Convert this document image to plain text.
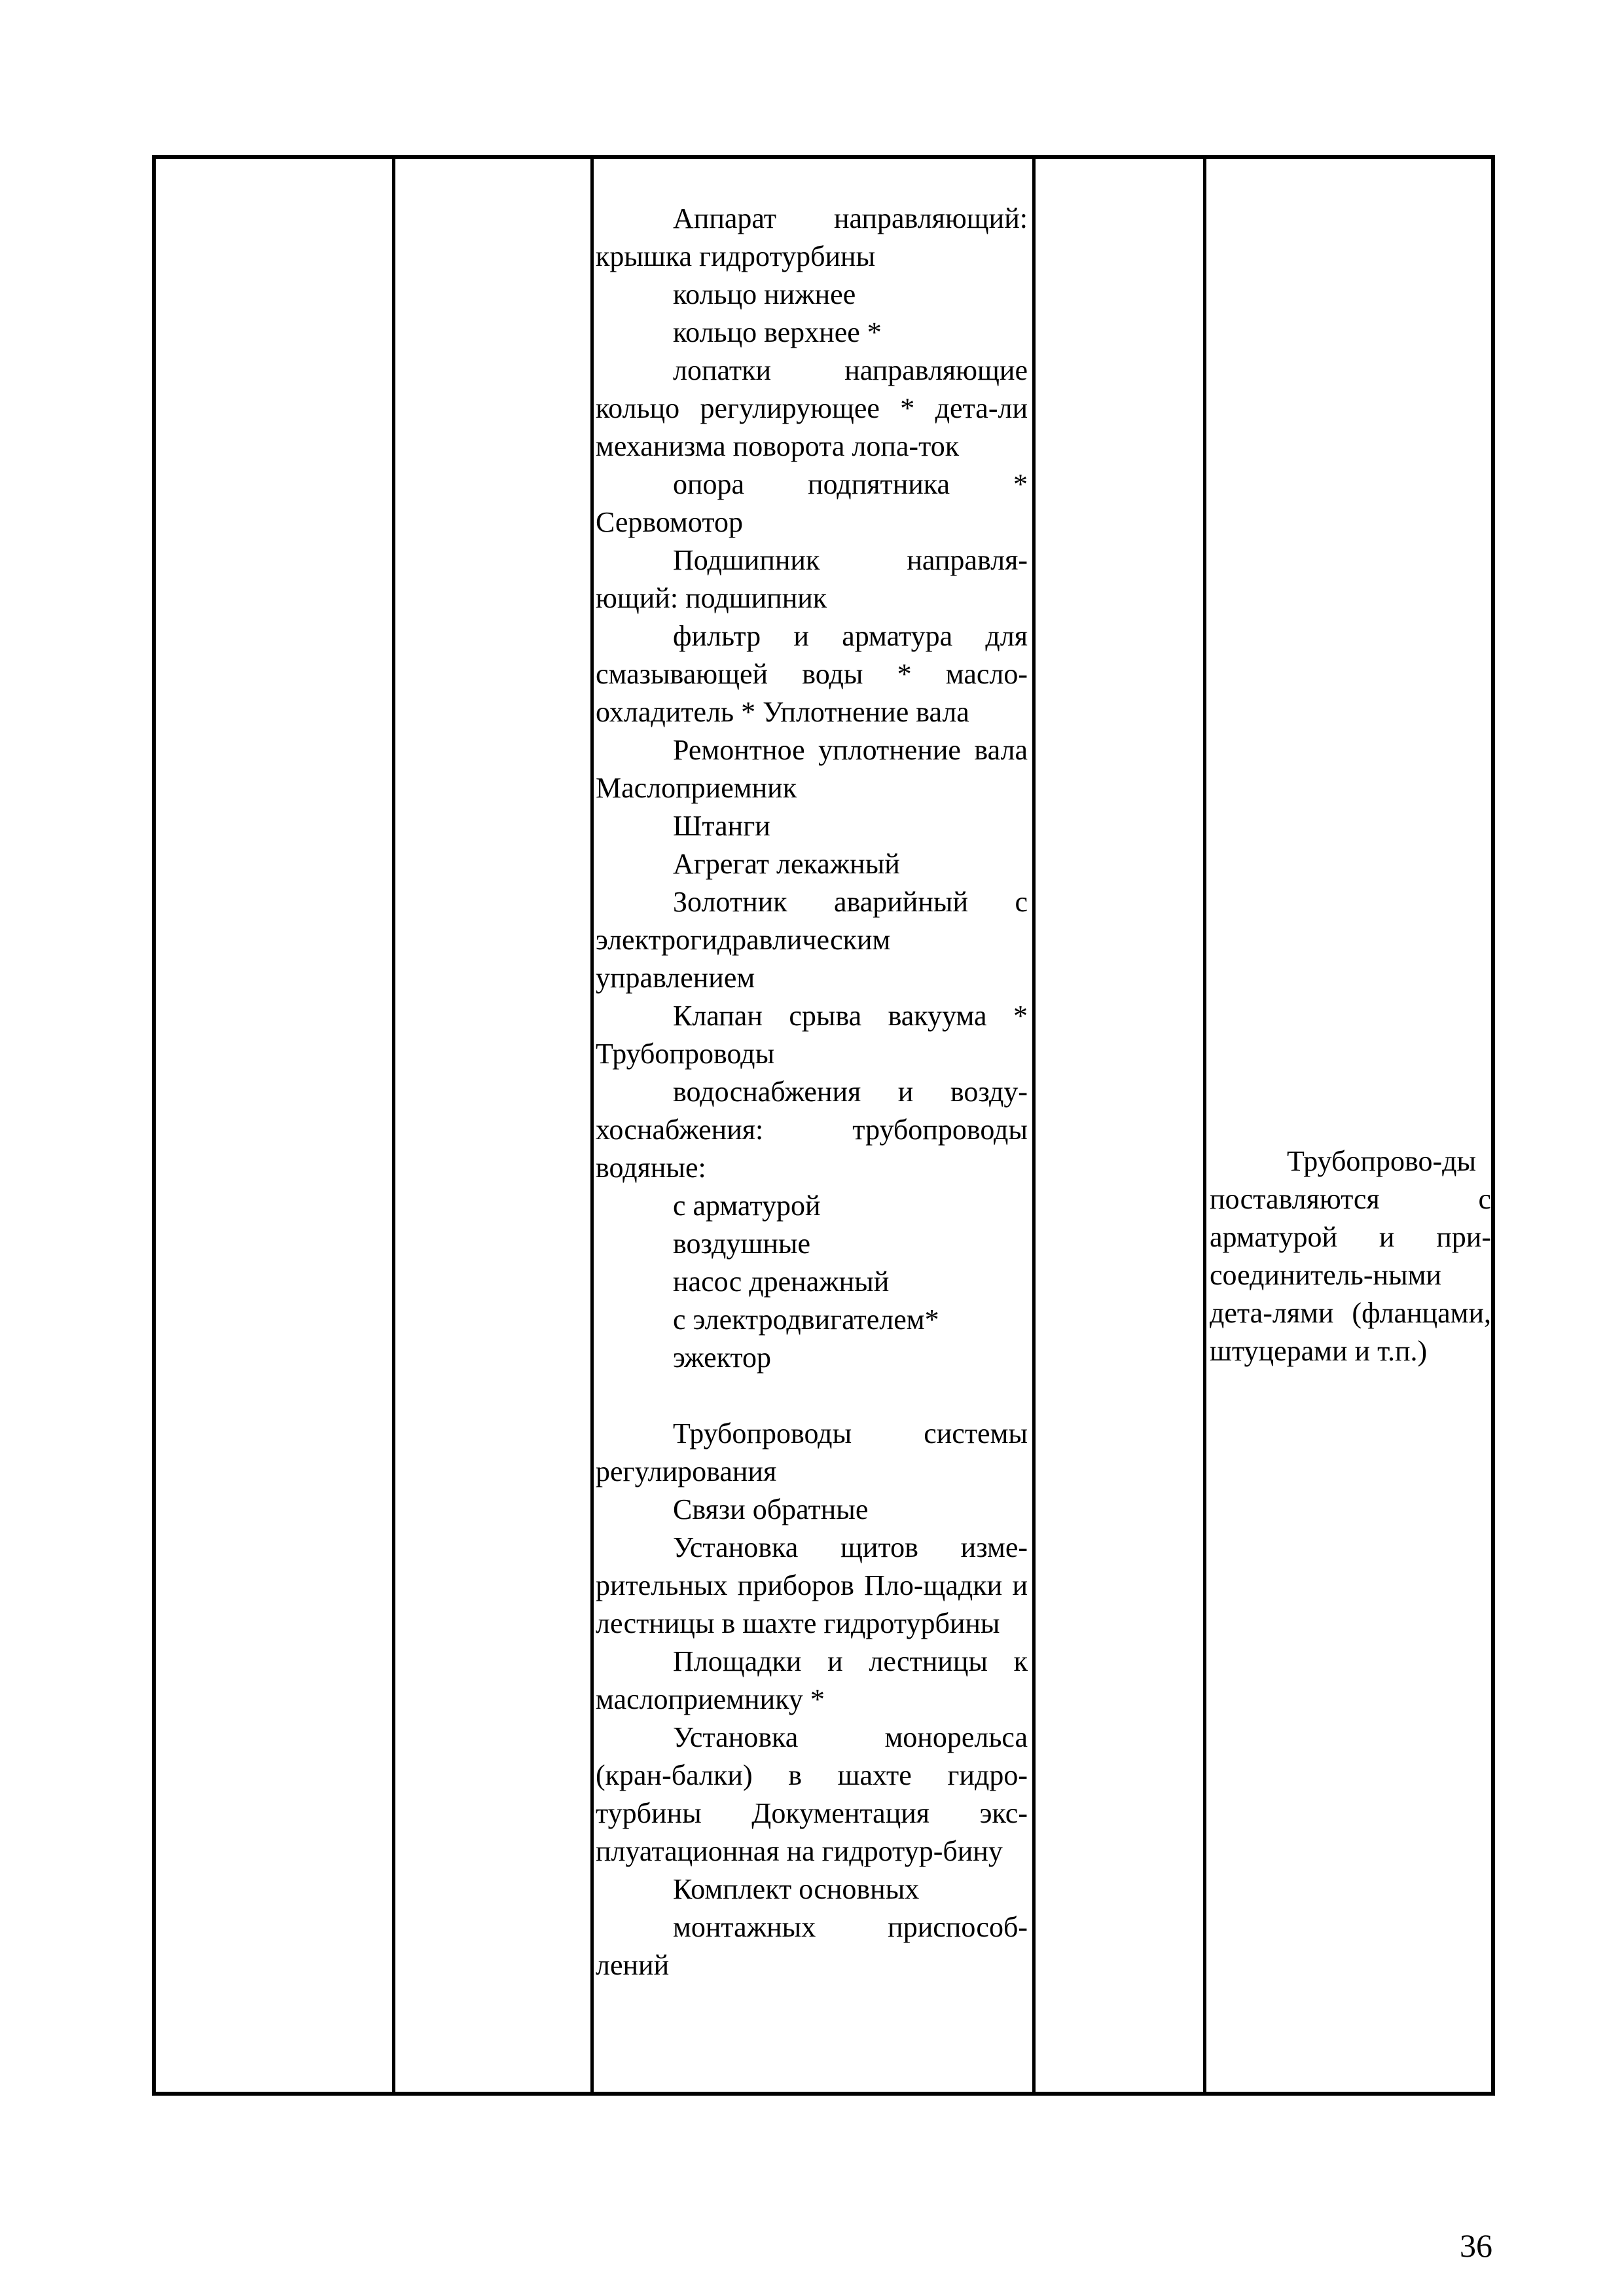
Аппарат направляющий: крышка гидротурбины

кольцо нижнее

кольцо верхнее *

лопатки направляющие кольцо регулирующее * дета-ли механизма поворота лопа-ток

опора подпятника * Сервомотор

Подшипник направля-ющий: подшипник

фильтр и арматура для смазывающей воды * масло-охладитель * Уплотнение вала

Ремонтное уплотнение вала Маслоприемник

Штанги

Агрегат лекажный

Золотник аварийный с электрогидравлическим управлением

Клапан срыва вакуума * Трубопроводы

водоснабжения и возду-хоснабжения: трубопроводы водяные:

с арматурой

воздушные

насос дренажный

с электродвигателем*

эжектор

Трубопроводы системы регулирования

Связи обратные

Установка щитов изме-рительных приборов Пло-щадки и лестницы в шахте гидротурбины

Площадки и лестницы к маслоприемнику *

Установка монорельса (кран-балки) в шахте гидро-турбины Документация экс-плуатационная на гидротур-бину

Комплект основных

монтажных приспособ-лений

Трубопрово-ды поставляются с арматурой и при-соединитель-ными дета-лями (фланцами, штуцерами и т.п.)

36
